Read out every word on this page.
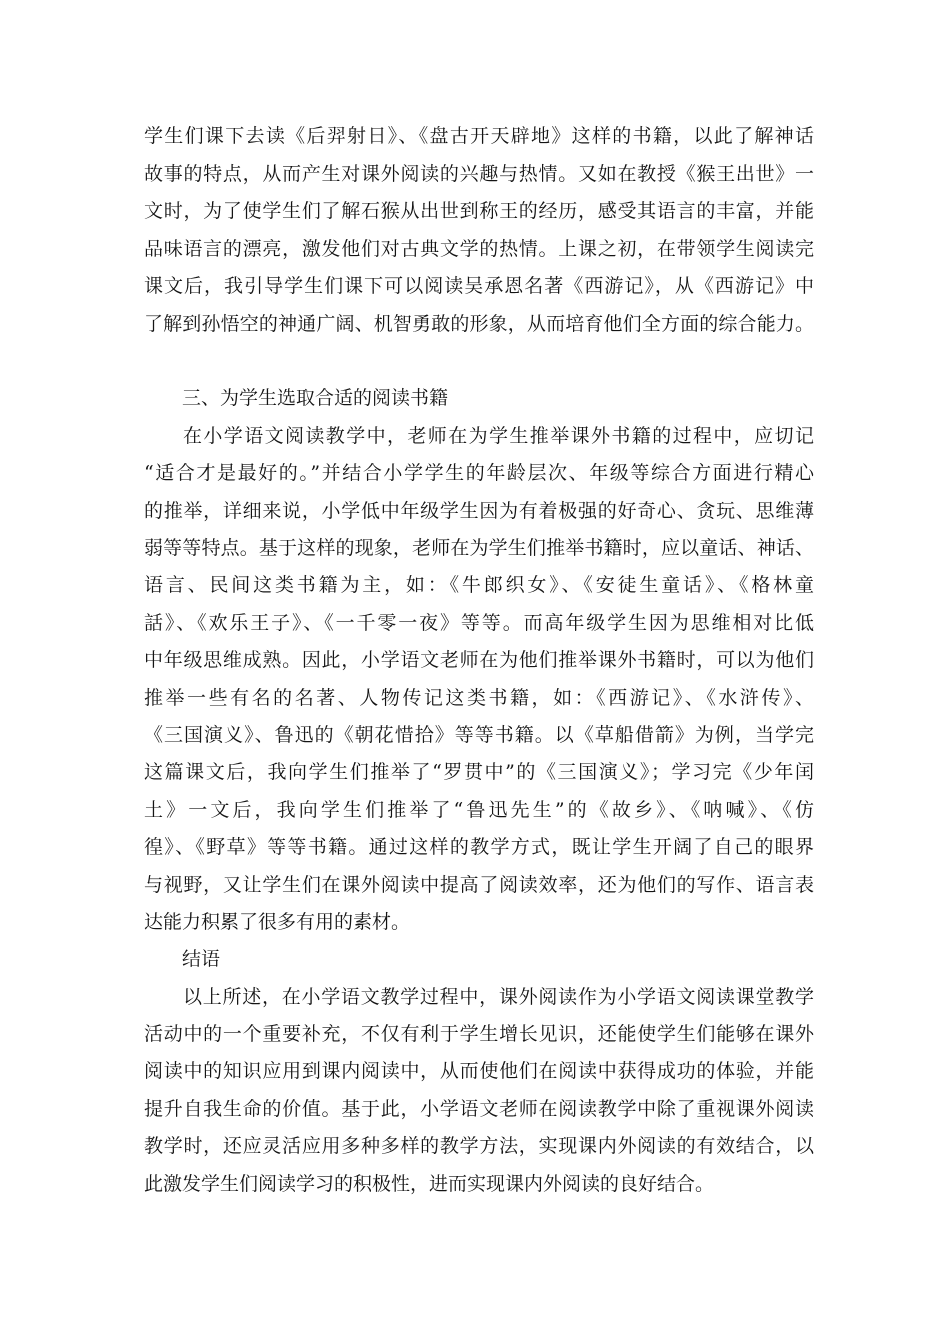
学生们课下去读《后羿射日》、《盘古开天辟地》这样的书籍，以此了解神话
故事的特点，从而产生对课外阅读的兴趣与热情。又如在教授《猴王出世》一
文时，为了使学生们了解石猴从出世到称王的经历，感受其语言的丰富，并能
品味语言的漂亮，激发他们对古典文学的热情。上课之初，在带领学生阅读完
课文后，我引导学生们课下可以阅读吴承恩名著《西游记》，从《西游记》中
了解到孙悟空的神通广阔、机智勇敢的形象，从而培育他们全方面的综合能力。
三、为学生选取合适的阅读书籍
在小学语文阅读教学中，老师在为学生推举课外书籍的过程中，应切记
“适合才是最好的。”并结合小学学生的年龄层次、年级等综合方面进行精心
的推举，详细来说，小学低中年级学生因为有着极强的好奇心、贪玩、思维薄
弱等等特点。基于这样的现象，老师在为学生们推举书籍时，应以童话、神话、
语言、民间这类书籍为主，如：《牛郎织女》、《安徒生童话》、《格林童
話》、《欢乐王子》、《一千零一夜》等等。而高年级学生因为思维相对比低
中年级思维成熟。因此，小学语文老师在为他们推举课外书籍时，可以为他们
推举一些有名的名著、人物传记这类书籍，如：《西游记》、《水浒传》、
《三国演义》、鲁迅的《朝花惜拾》等等书籍。以《草船借箭》为例，当学完
这篇课文后，我向学生们推举了“罗贯中”的《三国演义》；学习完《少年闰
土》一文后，我向学生们推举了“鲁迅先生”的《故乡》、《呐喊》、《仿
徨》、《野草》等等书籍。通过这样的教学方式，既让学生开阔了自己的眼界
与视野，又让学生们在课外阅读中提高了阅读效率，还为他们的写作、语言表
达能力积累了很多有用的素材。
结语
以上所述，在小学语文教学过程中，课外阅读作为小学语文阅读课堂教学
活动中的一个重要补充，不仅有利于学生增长见识，还能使学生们能够在课外
阅读中的知识应用到课内阅读中，从而使他们在阅读中获得成功的体验，并能
提升自我生命的价值。基于此，小学语文老师在阅读教学中除了重视课外阅读
教学时，还应灵活应用多种多样的教学方法，实现课内外阅读的有效结合，以
此激发学生们阅读学习的积极性，进而实现课内外阅读的良好结合。
